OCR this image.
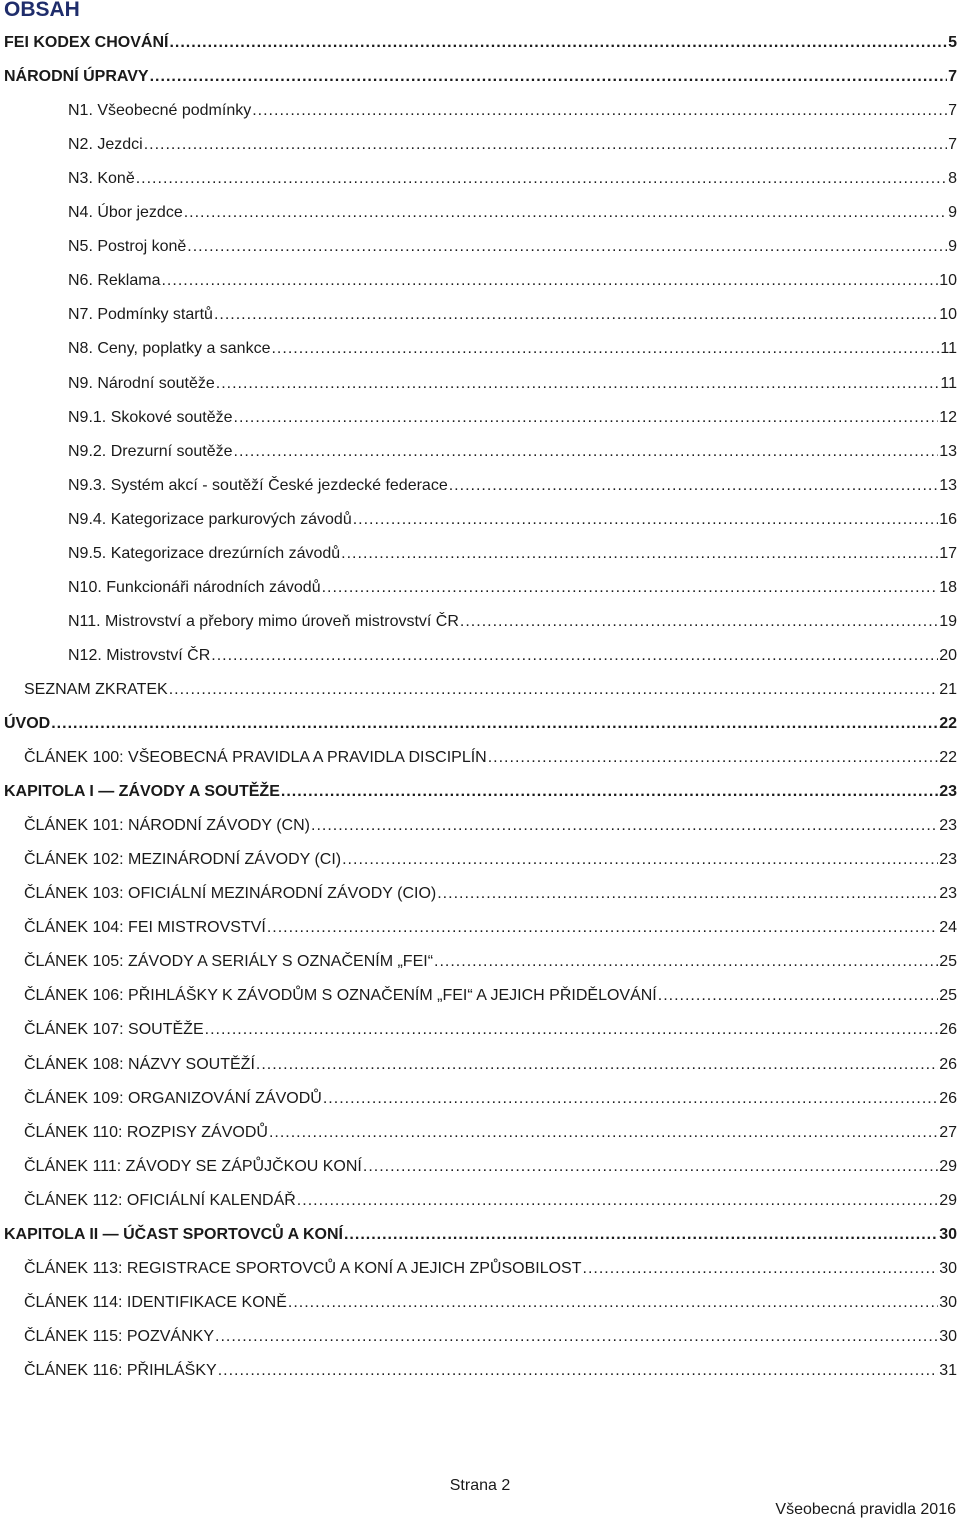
OBSAH
FEI KODEX CHOVÁNÍ .....	5
NÁRODNÍ ÚPRAVY .....	7
N1. Všeobecné podmínky .....	7
N2. Jezdci .....	7
N3. Koně .....	8
N4. Úbor jezdce .....	9
N5. Postroj koně .....	9
N6. Reklama .....	10
N7. Podmínky startů .....	10
N8. Ceny, poplatky a sankce .....	11
N9. Národní soutěže .....	11
N9.1. Skokové soutěže .....	12
N9.2. Drezurní soutěže .....	13
N9.3. Systém akcí - soutěží České jezdecké federace .....	13
N9.4. Kategorizace parkurových závodů .....	16
N9.5. Kategorizace drezúrních závodů .....	17
N10. Funkcionáři národních závodů .....	18
N11. Mistrovství a přebory mimo úroveň mistrovství ČR .....	19
N12. Mistrovství ČR .....	20
SEZNAM ZKRATEK .....	21
ÚVOD .....	22
ČLÁNEK 100: VŠEOBECNÁ PRAVIDLA A PRAVIDLA DISCIPLÍN .....	22
KAPITOLA I — ZÁVODY A SOUTĚŽE .....	23
ČLÁNEK 101: NÁRODNÍ ZÁVODY (CN) .....	23
ČLÁNEK 102: MEZINÁRODNÍ ZÁVODY (CI) .....	23
ČLÁNEK 103: OFICIÁLNÍ MEZINÁRODNÍ ZÁVODY (CIO) .....	23
ČLÁNEK 104: FEI MISTROVSTVÍ .....	24
ČLÁNEK 105: ZÁVODY A SERIÁLY S OZNAČENÍM „FEI“ .....	25
ČLÁNEK 106: PŘIHLÁŠKY K ZÁVODŮM S OZNAČENÍM „FEI“ A JEJICH PŘIDĚLOVÁNÍ .....	25
ČLÁNEK 107: SOUTĚŽE .....	26
ČLÁNEK 108: NÁZVY SOUTĚŽÍ .....	26
ČLÁNEK 109: ORGANIZOVÁNÍ ZÁVODŮ .....	26
ČLÁNEK 110: ROZPISY ZÁVODŮ .....	27
ČLÁNEK 111: ZÁVODY SE ZÁPŮJČKOU KONÍ .....	29
ČLÁNEK 112: OFICIÁLNÍ KALENDÁŘ .....	29
KAPITOLA II — ÚČAST SPORTOVCŮ A KONÍ .....	30
ČLÁNEK 113: REGISTRACE SPORTOVCŮ A KONÍ A JEJICH ZPŮSOBILOST .....	30
ČLÁNEK 114: IDENTIFIKACE KONĚ .....	30
ČLÁNEK 115: POZVÁNKY .....	30
ČLÁNEK 116: PŘIHLÁŠKY .....	31
Strana 2
Všeobecná pravidla 2016
